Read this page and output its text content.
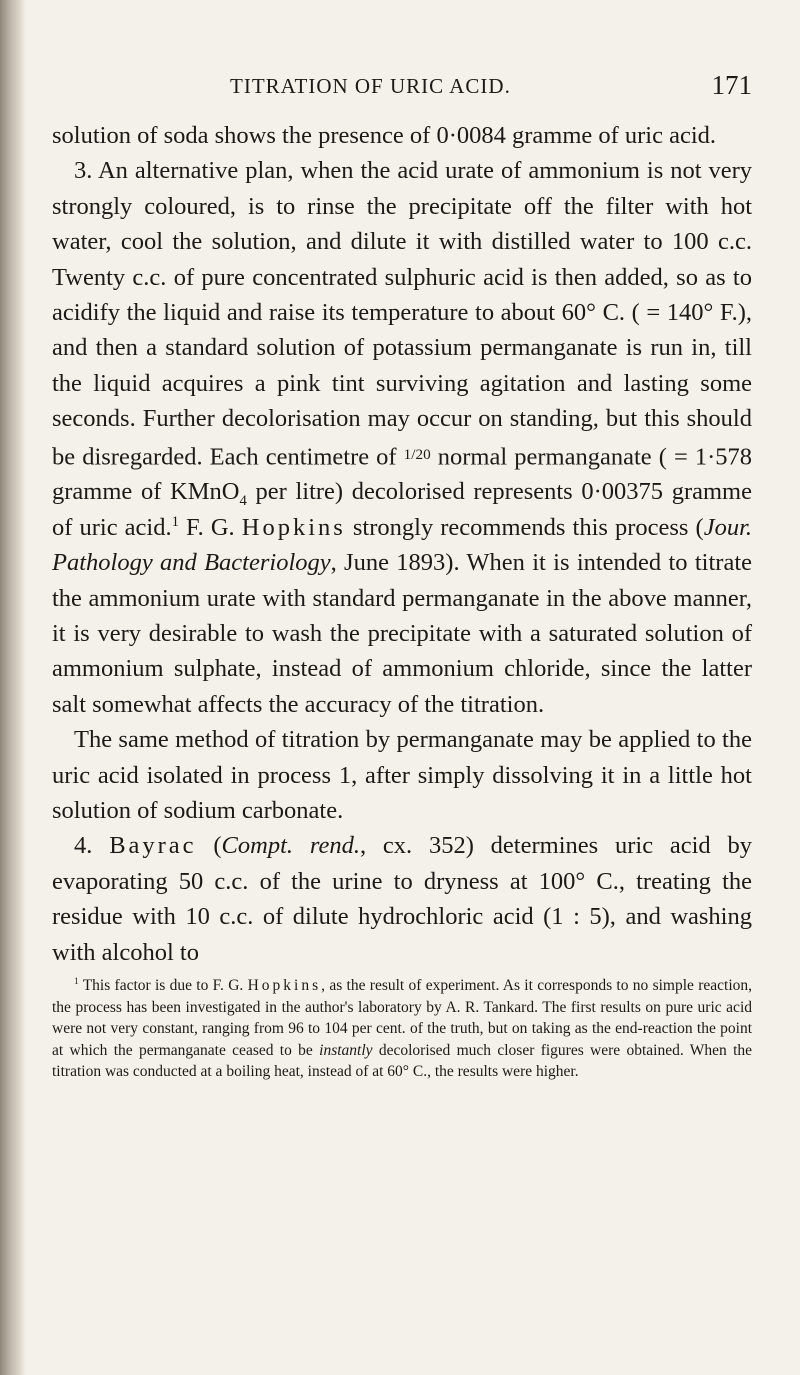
TITRATION OF URIC ACID.	171

solution of soda shows the presence of 0·0084 gramme of uric acid.

3. An alternative plan, when the acid urate of ammonium is not very strongly coloured, is to rinse the precipitate off the filter with hot water, cool the solution, and dilute it with distilled water to 100 c.c. Twenty c.c. of pure concentrated sulphuric acid is then added, so as to acidify the liquid and raise its temperature to about 60° C. ( = 140° F.), and then a standard solution of potassium permanganate is run in, till the liquid acquires a pink tint surviving agitation and lasting some seconds. Further decolorisation may occur on standing, but this should be disregarded. Each centimetre of $^{1/20}$ normal permanganate ( = 1·578 gramme of KMnO$_4$ per litre) decolorised represents 0·00375 gramme of uric acid.$^1$ F. G. Hopkins strongly recommends this process (Jour. Pathology and Bacteriology, June 1893). When it is intended to titrate the ammonium urate with standard permanganate in the above manner, it is very desirable to wash the precipitate with a saturated solution of ammonium sulphate, instead of ammonium chloride, since the latter salt somewhat affects the accuracy of the titration.

The same method of titration by permanganate may be applied to the uric acid isolated in process 1, after simply dissolving it in a little hot solution of sodium carbonate.

4. Bayrac (Compt. rend., cx. 352) determines uric acid by evaporating 50 c.c. of the urine to dryness at 100° C., treating the residue with 10 c.c. of dilute hydrochloric acid (1 : 5), and washing with alcohol to

$^1$ This factor is due to F. G. Hopkins, as the result of experiment. As it corresponds to no simple reaction, the process has been investigated in the author's laboratory by A. R. Tankard. The first results on pure uric acid were not very constant, ranging from 96 to 104 per cent. of the truth, but on taking as the end-reaction the point at which the permanganate ceased to be instantly decolorised much closer figures were obtained. When the titration was conducted at a boiling heat, instead of at 60° C., the results were higher.
